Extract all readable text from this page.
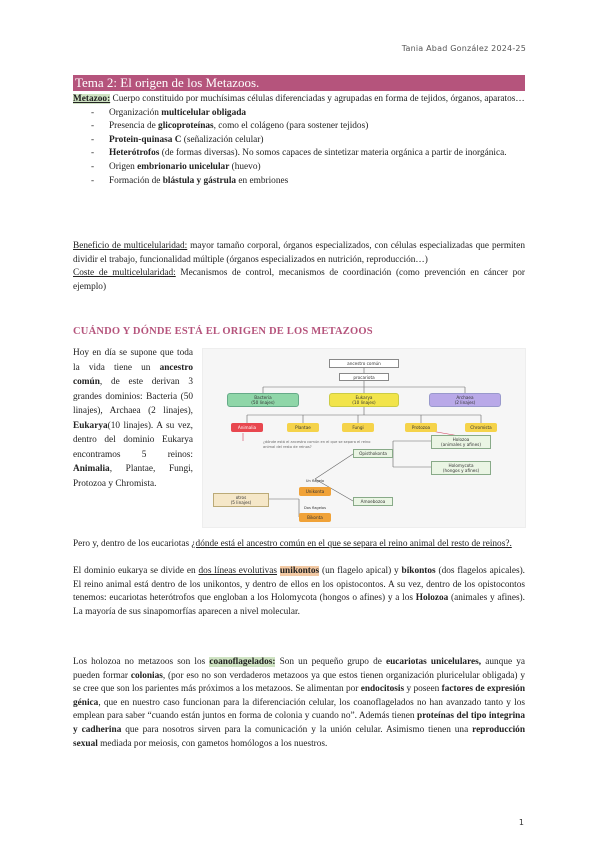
Tania Abad González 2024-25
Tema 2: El origen de los Metazoos.
Metazoo: Cuerpo constituido por muchísimas células diferenciadas y agrupadas en forma de tejidos, órganos, aparatos…
- Organización multicelular obligada
- Presencia de glicoproteínas, como el colágeno (para sostener tejidos)
- Protein-quinasa C (señalización celular)
- Heterótrofos (de formas diversas). No somos capaces de sintetizar materia orgánica a partir de inorgánica.
- Origen embrionario unicelular (huevo)
- Formación de blástula y gástrula en embriones
Beneficio de multicelularidad: mayor tamaño corporal, órganos especializados, con células especializadas que permiten dividir el trabajo, funcionalidad múltiple (órganos especializados en nutrición, reproducción…)
Coste de multicelularidad: Mecanismos de control, mecanismos de coordinación (como prevención en cáncer por ejemplo)
CUÁNDO Y DÓNDE ESTÁ EL ORIGEN DE LOS METAZOOS
Hoy en día se supone que toda la vida tiene un ancestro común, de este derivan 3 grandes dominios: Bacteria (50 linajes), Archaea (2 linajes), Eukarya(10 linajes). A su vez, dentro del dominio Eukarya encontramos 5 reinos: Animalia, Plantae, Fungi, Protozoa y Chromista.
ancestro común
procariota
Bacteria
(50 linajes)
Eukarya
(10 linajes)
Archaea
(2 linajes)
Animalia	Plantae	Fungi	Protozoa	Chromista
¿dónde está el ancestro común en el que se separa el reino animal del resto de reinos?
Holozoa
(animales y afines)
Holomycota
(hongos y afines)
Opisthokonta
Amoebozoa
Unikonta
Bikonta
Un flagelo
Dos flagelos
otros
(5 linajes)
Pero y, dentro de los eucariotas ¿dónde está el ancestro común en el que se separa el reino animal del resto de reinos?.
El dominio eukarya se divide en dos líneas evolutivas unikontos (un flagelo apical) y bikontos (dos flagelos apicales). El reino animal está dentro de los unikontos, y dentro de ellos en los opistocontos. A su vez, dentro de los opistocontos tenemos: eucariotas heterótrofos que engloban a los Holomycota (hongos o afines) y a los Holozoa (animales y afines). La mayoría de sus sinapomorfías aparecen a nivel molecular.
Los holozoa no metazoos son los coanoflagelados: Son un pequeño grupo de eucariotas unicelulares, aunque ya pueden formar colonias, (por eso no son verdaderos metazoos ya que estos tienen organización pluricelular obligada) y se cree que son los parientes más próximos a los metazoos. Se alimentan por endocitosis y poseen factores de expresión génica, que en nuestro caso funcionan para la diferenciación celular, los coanoflagelados no han avanzado tanto y los emplean para saber “cuando están juntos en forma de colonia y cuando no”. Además tienen proteínas del tipo integrina y cadherina que para nosotros sirven para la comunicación y la unión celular. Asimismo tienen una reproducción sexual mediada por meiosis, con gametos homólogos a los nuestros.
1
